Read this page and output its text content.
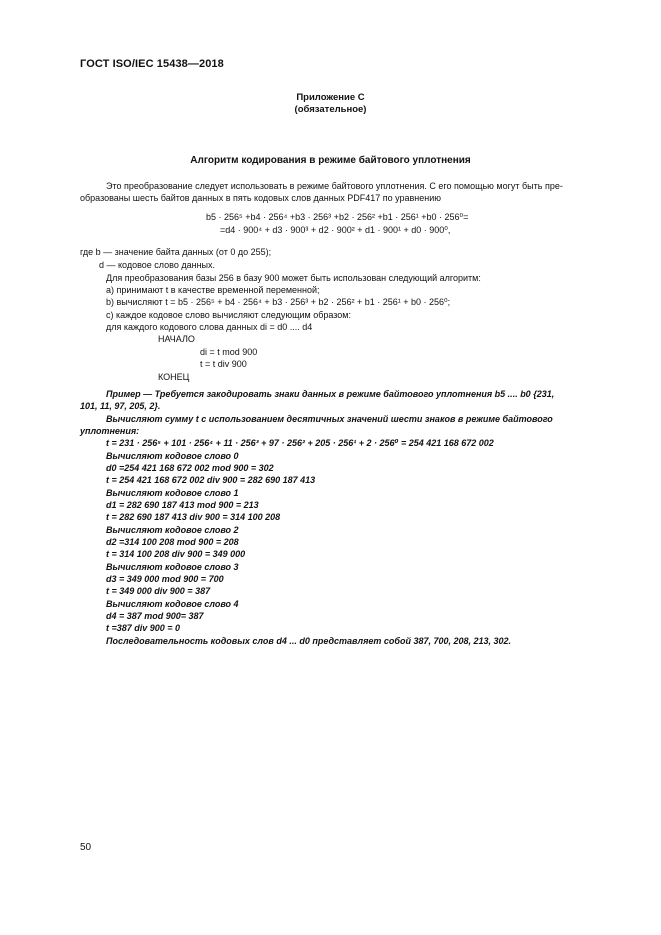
ГОСТ ISO/IEC 15438—2018
Приложение С
(обязательное)
Алгоритм кодирования в режиме байтового уплотнения
Это преобразование следует использовать в режиме байтового уплотнения. С его помощью могут быть пре-
образованы шесть байтов данных в пять кодовых слов данных PDF417 по уравнению
b5 · 256⁵ +b4 · 256⁴ +b3 · 256³ +b2 · 256² +b1 · 256¹ +b0 · 256⁰=
=d4 · 900⁴ + d3 · 900³ + d2 · 900² + d1 · 900¹ + d0 · 900⁰,
где b — значение байта данных (от 0 до 255);
d — кодовое слово данных.
Для преобразования базы 256 в базу 900 может быть использован следующий алгоритм:
а) принимают t в качестве временной переменной;
b) вычисляют t = b5 · 256⁵ + b4 · 256⁴ + b3 · 256³ + b2 · 256² + b1 · 256¹ + b0 · 256⁰;
с) каждое кодовое слово вычисляют следующим образом:
для каждого кодового слова данных di = d0 .... d4
НАЧАЛО
di = t mod 900
t = t div 900
КОНЕЦ
Пример — Требуется закодировать знаки данных в режиме байтового уплотнения b5 .... b0 {231,
101, 11, 97, 205, 2}.
Вычисляют сумму t с использованием десятичных значений шести знаков в режиме байтового
уплотнения:
t = 231 · 256⁵ + 101 · 256⁴ + 11 · 256³ + 97 · 256² + 205 · 256¹ + 2 · 256⁰ = 254 421 168 672 002
Вычисляют кодовое слово 0
d0 =254 421 168 672 002 mod 900 = 302
t = 254 421 168 672 002 div 900 = 282 690 187 413
Вычисляют кодовое слово 1
d1 = 282 690 187 413 mod 900 = 213
t = 282 690 187 413 div 900 = 314 100 208
Вычисляют кодовое слово 2
d2 =314 100 208 mod 900 = 208
t = 314 100 208 div 900 = 349 000
Вычисляют кодовое слово 3
d3 = 349 000 mod 900 = 700
t = 349 000 div 900 = 387
Вычисляют кодовое слово 4
d4 = 387 mod 900= 387
t =387 div 900 = 0
Последовательность кодовых слов d4 ... d0 представляет собой 387, 700, 208, 213, 302.
50
